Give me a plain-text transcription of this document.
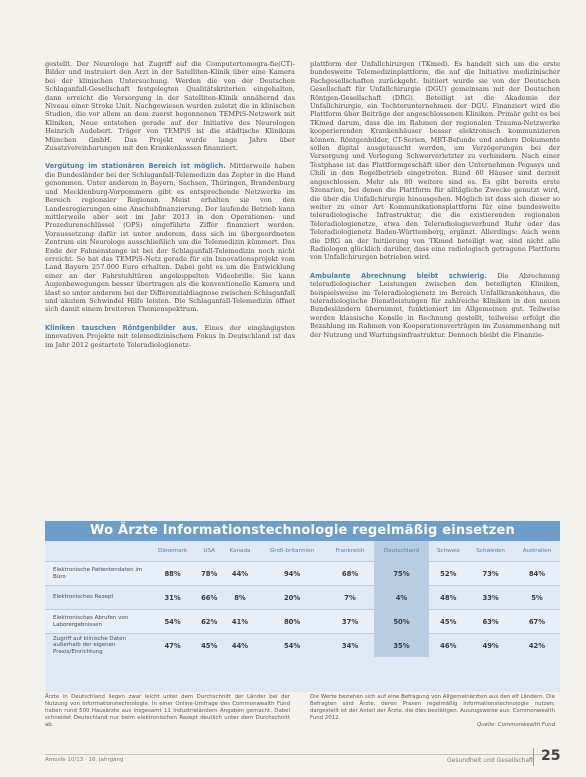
gestellt. Der Neurologe hat Zugriff auf die Computertomogra-fie(CT)-Bilder und instruiert den Arzt in der Satelliten-Klinik über eine Kamera bei der klinischen Untersuchung. Werden die von der Deutschen Schlaganfall-Gesellschaft festgelegten Qualitätskriterien eingehalten, dann erreicht die Versorgung in der Satelliten-Klinik annähernd das Niveau einer Stroke Unit. Nachgewiesen wurden zuletzt die in klinischen Studien, die vor allem an dem zuerst begonnenen TEMPiS-Netzwerk mit Kliniken, Neue entstehen gerade auf der Initiative des Neurologen Heinrich Audebert. Träger von TEMPiS ist die städtische Klinikum München GmbH. Das Projekt wurde lange Jahre über Zusatzvereinbarungen mit den Krankenkassen finanziert.

Vergütung im stationären Bereich ist möglich. Mittlerweile haben die Bundesländer bei der Schlaganfall-Telemedizin das Zepter in die Hand genommen. Unter anderem in Bayern, Sachsen, Thüringen, Brandenburg und Mecklenburg-Vorpommern gibt es entsprechende Netzwerke im Bereich regionaler Regionen. Meist erhalten sie von den Landesregierungen eine Anschubfinanzierung. Der laufende Betrieb kann mittlerweile aber seit im Jahr 2013 in den Operationen- und Prozedurenschlüssel (OPS) eingeführte Ziffer finanziert werden. Voraussetzung dafür ist unter anderem, dass sich im übergeordneten Zentrum ein Neurologe ausschließlich um die Telemedizin kümmert. Das Ende der Fahnenstange ist bei der Schlaganfall-Telemedizin noch nicht erreicht. So hat das TEMPiS-Netz gerade für ein Innovationsprojekt vom Land Bayern 257.000 Euro erhalten. Dabei geht es um die Entwicklung einer an der Fahrstuhltüren angekoppelten Videobrille. Sie kann Augenbewegungen besser übertragen als die konventionelle Kamera und lässt so unter anderem bei der Differenzialdiagnose zwischen Schlaganfall und akutem Schwindel Hilfe leisten. Die Schlaganfall-Telemedizin öffnet sich damit einem breiteren Themenspektrum.

Kliniken tauschen Röntgenbilder aus. Eines der eingängigsten innovativen Projekte mit telemedizinischem Fokus in Deutschland ist das im Jahr 2012 gestartete Teleradiologienetz-

plattform der Unfallchirurgen (TKmed). Es handelt sich um die erste bundesweite Telemedizinplattform, die auf die Initiative medizinischer Fachgesellschaften zurückgeht. Initiiert wurde sie von der Deutschen Gesellschaft für Unfallchirurgie (DGU) gemeinsam mit der Deutschen Röntgen-Gesellschaft (DRG). Beteiligt ist die Akademie der Unfallchirurgie, ein Tochterunternehmen der DGU. Finanziert wird die Plattform über Beiträge der angeschlossenen Kliniken. Primär geht es bei TKmed darum, dass die im Rahmen der regionalen Trauma-Netzwerke kooperierenden Krankenhäuser besser elektronisch kommunizieren können. Röntgenbilder, CT-Serien, MRT-Befunde und andere Dokumente sollen digital ausgetauscht werden, um Verzögerungen bei der Versorgung und Verlegung Schwerverletzter zu verhindern. Nach einer Testphase ist das Plattformgeschäft über den Unternehmen Pegasys und Chili in den Regelbetrieb eingetreten. Rund 60 Häuser sind derzeit angeschlossen. Mehr als 80 weitere sind es. Es gibt bereits erste Szenarien, bei denen die Plattform für alltägliche Zwecke genutzt wird, die über die Unfallchirurgie hinausgehen. Möglich ist dass sich dieser so weiter zu einer Art Kommunikationsplattform für eine bundesweite teleradiologische Infrastruktur, die die existierenden regionalen Teleradiologienetze, etwa den Teleradiologieverbund Ruhr oder das Teleradiologienetz Baden-Württemberg, ergänzt. Allerdings: Auch wenn die DRG an der Initiierung von TKmed beteiligt war, sind nicht alle Radiologen glücklich darüber, dass eine radiologisch getragene Plattform von Unfallchirurgen betrieben wird.

Ambulante Abrechnung bleibt schwierig. Die Abrechnung teleradiologischer Leistungen zwischen den beteiligten Kliniken, beispielsweise im Teleradiologienetz im Bereich Unfallkrankenhaus, die teleradiologische Dienstleistungen für zahlreiche Kliniken in den neuen Bundesländern übernimmt, funktioniert im Allgemeinen gut. Teilweise werden klassische Konsile in Rechnung gestellt, teilweise erfolgt die Bezahlung im Rahmen von Kooperationsverträgen im Zusammenhang mit der Nutzung und Wartungsinfrastruktur. Dennoch bleibt die Finanzie-

Wo Ärzte Informationstechnologie regelmäßig einsetzen
	Dänemark	USA	Kanada	Groß-britannien	Frankreich	Deutschland	Schweiz	Schweden	Australien
Elektronische Patientendaten im Büro	88%	78%	44%	94%	68%	75%	52%	73%	84%
Elektronisches Rezept	31%	66%	8%	20%	7%	4%	48%	33%	5%
Elektronisches Abrufen von Laborergebnissen	54%	62%	41%	80%	37%	50%	45%	63%	67%
Zugriff auf klinische Daten außerhalb der eigenen Praxis/Einrichtung	47%	45%	44%	54%	34%	35%	46%	49%	42%
Ärzte in Deutschland liegen zwar leicht unter dem Durchschnitt der Länder bei der Nutzung von Informationstechnologie. In einer Online-Umfrage des Commonwealth Fund haben rund 500 Hausärzte aus insgesamt 11 Industrieländern Angaben gemacht. Dabei schneidet Deutschland nur beim elektronischen Rezept deutlich unter dem Durchschnitt ab.
Die Werte beziehen sich auf eine Befragung von Allgemeinärzten aus den elf Ländern. Die Befragten sind Ärzte, deren Praxen regelmäßig Informationstechnologie nutzen; dargestellt ist der Anteil der Ärzte, die dies bestätigen. Auszugsweise aus: Commonwealth Fund 2012.
Quelle: Commonwealth Fund
Amosfe 10/13 · 16. Jahrgang	Gesundheit und Gesellschaft 25
